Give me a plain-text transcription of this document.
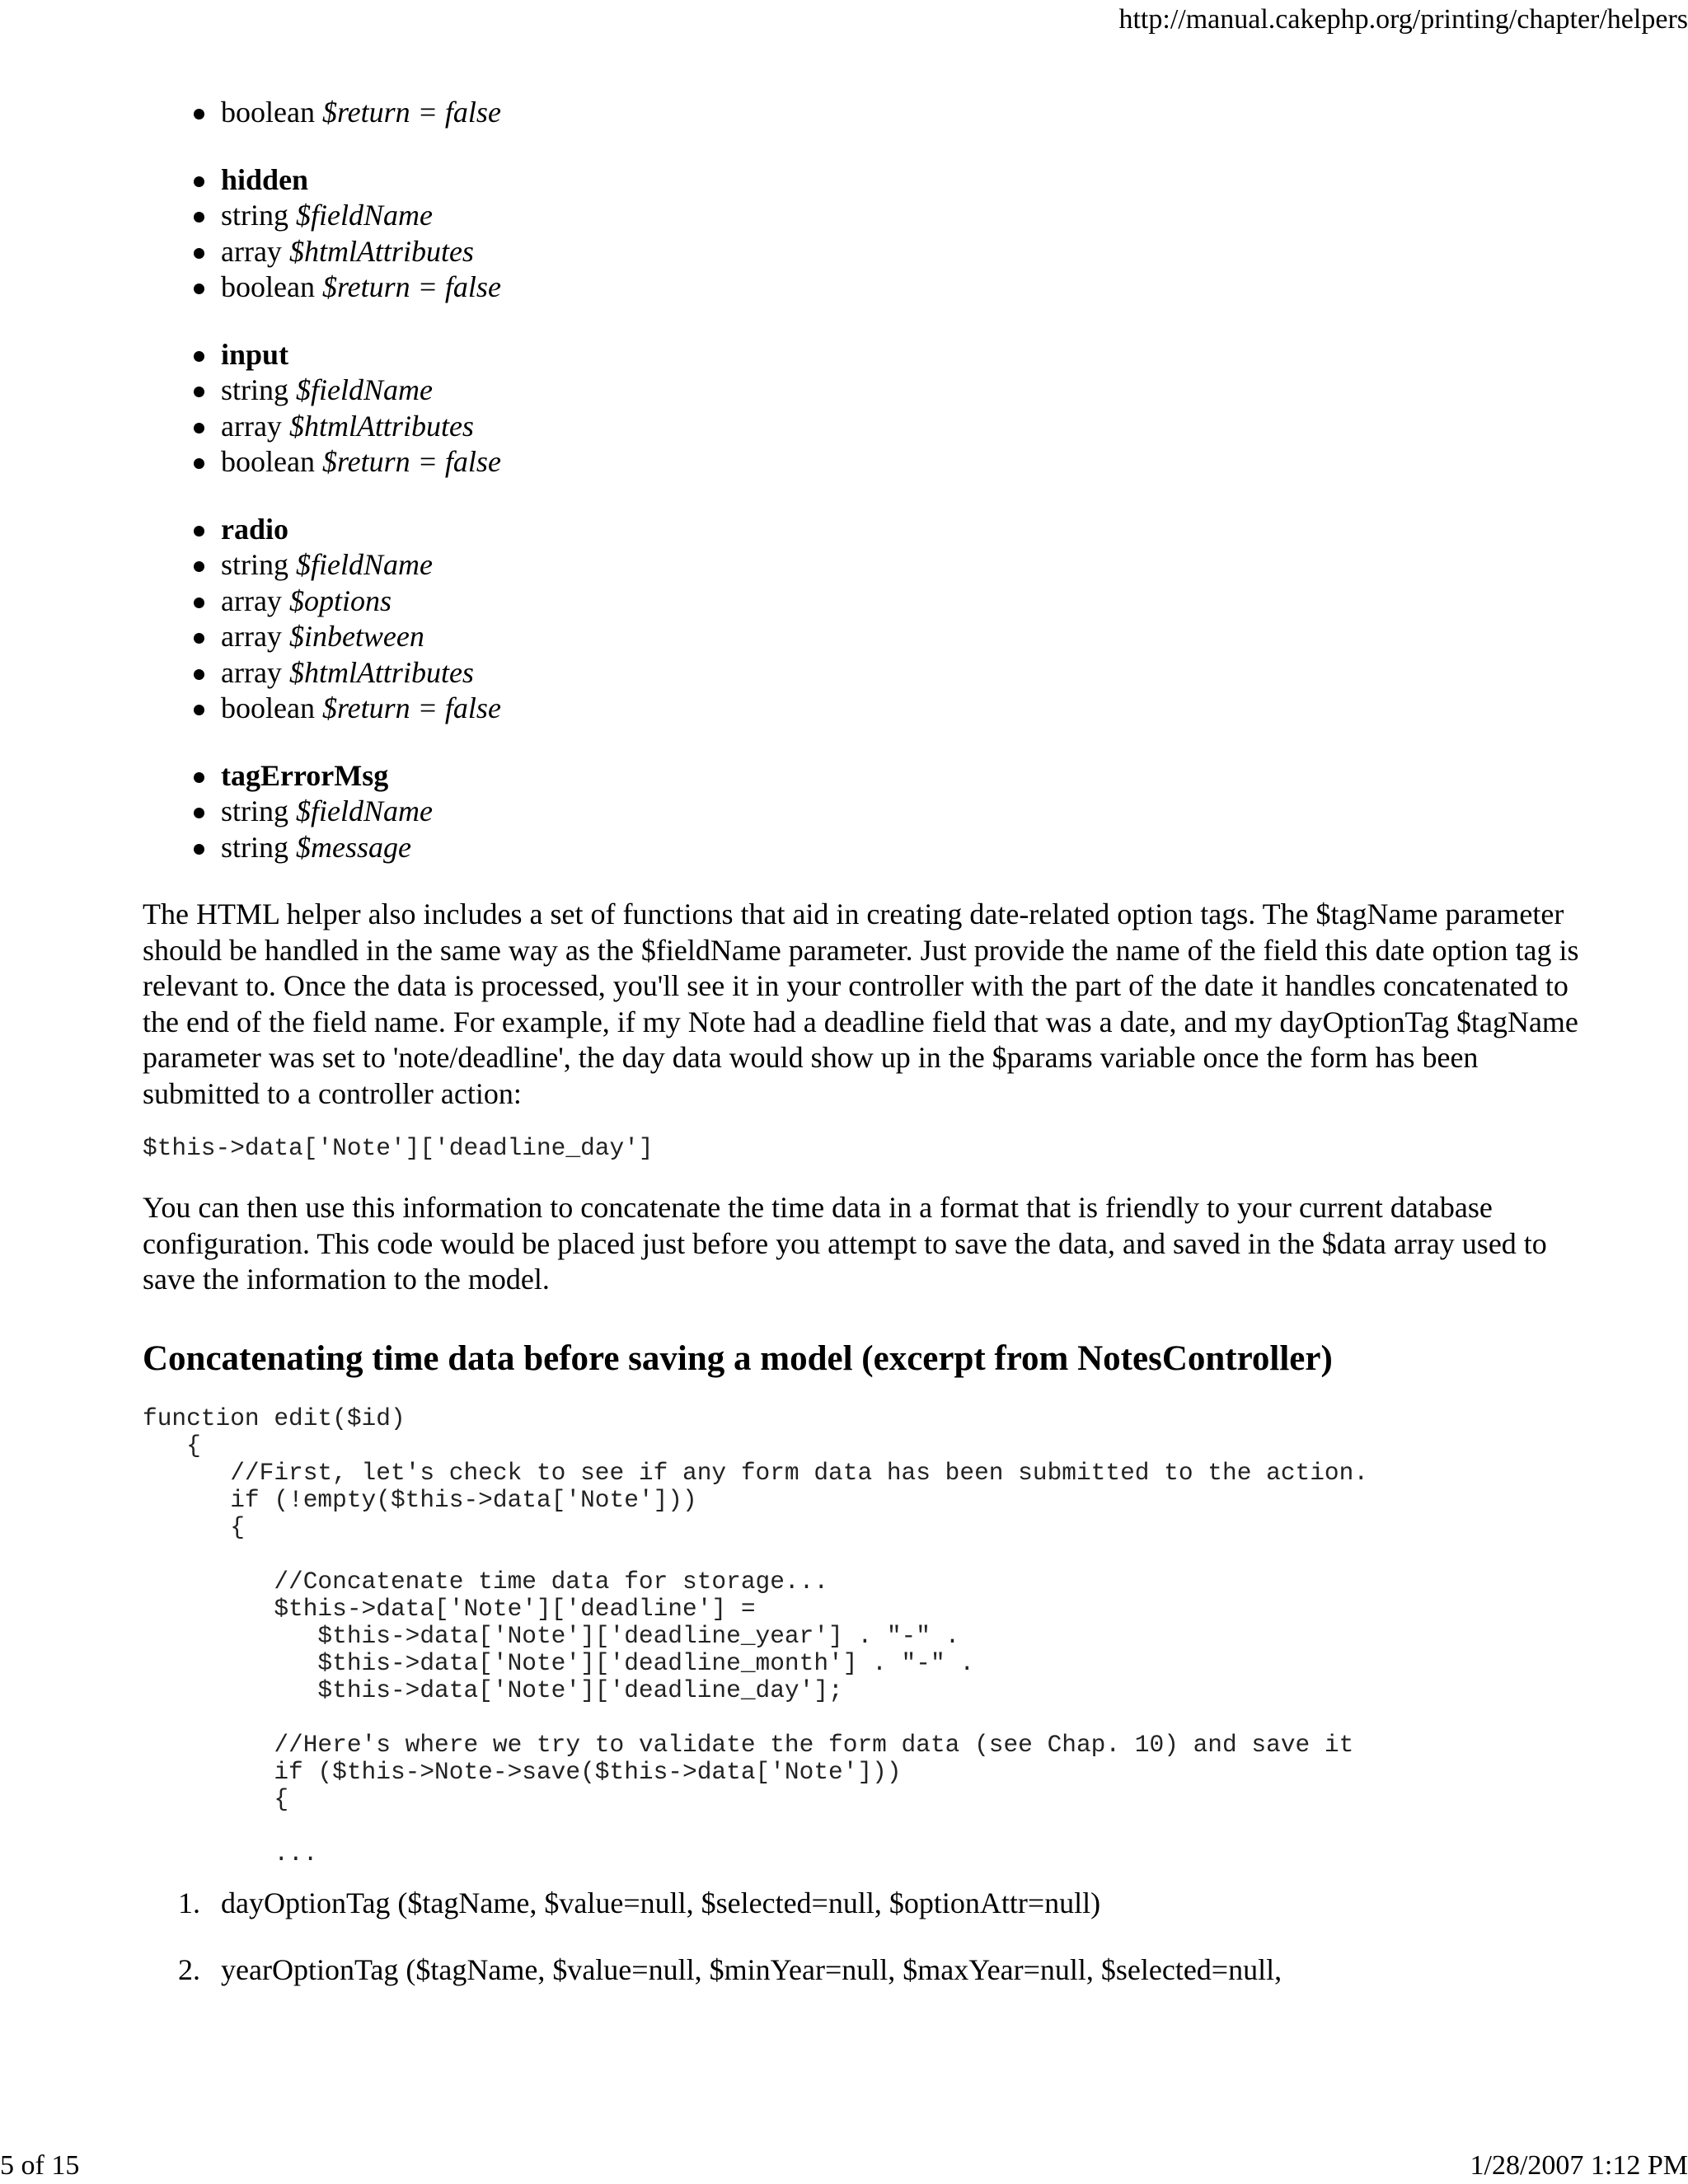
http://manual.cakephp.org/printing/chapter/helpers
boolean $return = false
hidden
string $fieldName
array $htmlAttributes
boolean $return = false
input
string $fieldName
array $htmlAttributes
boolean $return = false
radio
string $fieldName
array $options
array $inbetween
array $htmlAttributes
boolean $return = false
tagErrorMsg
string $fieldName
string $message

The HTML helper also includes a set of functions that aid in creating date-related option tags. The $tagName parameter should be handled in the same way as the $fieldName parameter. Just provide the name of the field this date option tag is relevant to. Once the data is processed, you'll see it in your controller with the part of the date it handles concatenated to the end of the field name. For example, if my Note had a deadline field that was a date, and my dayOptionTag $tagName parameter was set to 'note/deadline', the day data would show up in the $params variable once the form has been submitted to a controller action:

$this->data['Note']['deadline_day']

You can then use this information to concatenate the time data in a format that is friendly to your current database configuration. This code would be placed just before you attempt to save the data, and saved in the $data array used to save the information to the model.

Concatenating time data before saving a model (excerpt from NotesController)
function edit($id)
{
//First, let's check to see if any form data has been submitted to the action.
if (!empty($this->data['Note']))
{

//Concatenate time data for storage...
$this->data['Note']['deadline'] =
$this->data['Note']['deadline_year'] . "-" .
$this->data['Note']['deadline_month'] . "-" .
$this->data['Note']['deadline_day'];

//Here's where we try to validate the form data (see Chap. 10) and save it
if ($this->Note->save($this->data['Note']))
{

...
1. dayOptionTag ($tagName, $value=null, $selected=null, $optionAttr=null)
2. yearOptionTag ($tagName, $value=null, $minYear=null, $maxYear=null, $selected=null,
5 of 15	1/28/2007 1:12 PM
